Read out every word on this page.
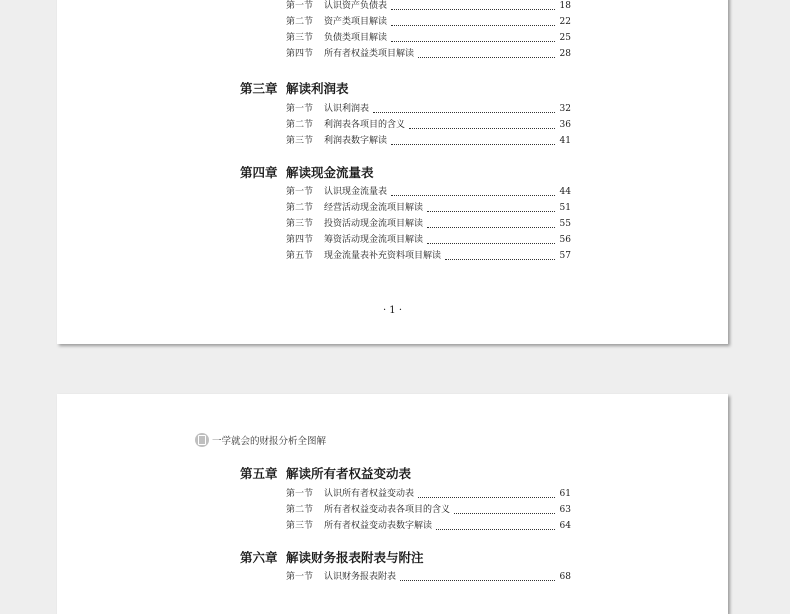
第一节	认识资产负债表	18
第二节	资产类项目解读	22
第三节	负债类项目解读	25
第四节	所有者权益类项目解读	28
第三章 解读利润表
第一节	认识利润表	32
第二节	利润表各项目的含义	36
第三节	利润表数字解读	41
第四章 解读现金流量表
第一节	认识现金流量表	44
第二节	经营活动现金流项目解读	51
第三节	投资活动现金流项目解读	55
第四节	筹资活动现金流项目解读	56
第五节	现金流量表补充资料项目解读	57
· 1 ·
一学就会的财报分析全图解
第五章 解读所有者权益变动表
第一节	认识所有者权益变动表	61
第二节	所有者权益变动表各项目的含义	63
第三节	所有者权益变动表数字解读	64
第六章 解读财务报表附表与附注
第一节	认识财务报表附表	68
